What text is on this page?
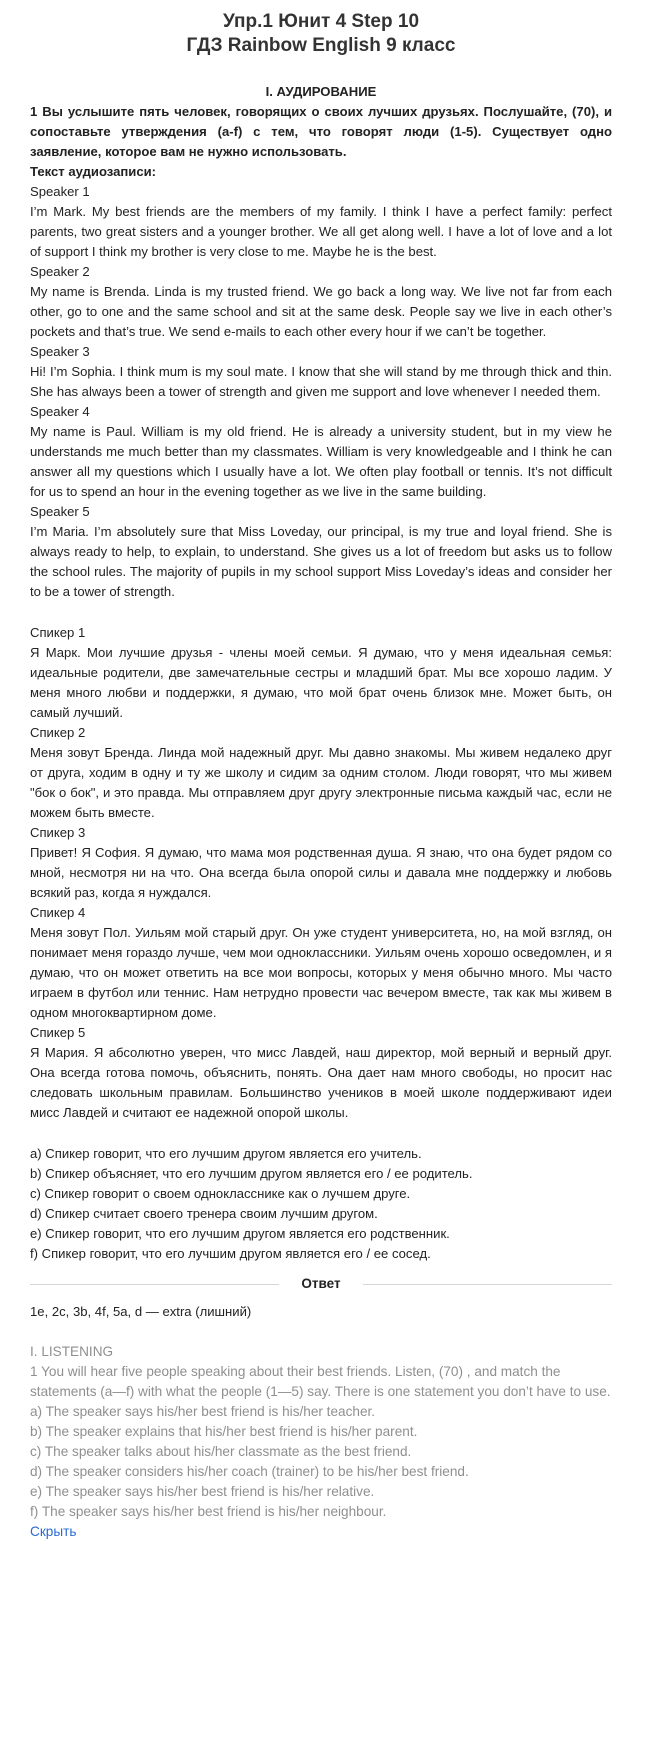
Упр.1 Юнит 4 Step 10
ГДЗ Rainbow English 9 класс
I. АУДИРОВАНИЕ
1 Вы услышите пять человек, говорящих о своих лучших друзьях. Послушайте, (70), и сопоставьте утверждения (a-f) с тем, что говорят люди (1-5). Существует одно заявление, которое вам не нужно использовать.
Текст аудиозаписи:
Speaker 1
I’m Mark. My best friends are the members of my family. I think I have a perfect family: perfect parents, two great sisters and a younger brother. We all get along well. I have a lot of love and a lot of support I think my brother is very close to me. Maybe he is the best.
Speaker 2
My name is Brenda. Linda is my trusted friend. We go back a long way. We live not far from each other, go to one and the same school and sit at the same desk. People say we live in each other’s pockets and that’s true. We send e-mails to each other every hour if we can’t be together.
Speaker 3
Hi! I’m Sophia. I think mum is my soul mate. I know that she will stand by me through thick and thin. She has always been a tower of strength and given me support and love whenever I needed them.
Speaker 4
My name is Paul. William is my old friend. He is already a university student, but in my view he understands me much better than my classmates. William is very knowledgeable and I think he can answer all my questions which I usually have a lot. We often play football or tennis. It’s not difficult for us to spend an hour in the evening together as we live in the same building.
Speaker 5
I’m Maria. I’m absolutely sure that Miss Loveday, our principal, is my true and loyal friend. She is always ready to help, to explain, to understand. She gives us a lot of freedom but asks us to follow the school rules. The majority of pupils in my school support Miss Loveday’s ideas and consider her to be a tower of strength.
Спикер 1
Я Марк. Мои лучшие друзья - члены моей семьи. Я думаю, что у меня идеальная семья: идеальные родители, две замечательные сестры и младший брат. Мы все хорошо ладим. У меня много любви и поддержки, я думаю, что мой брат очень близок мне. Может быть, он самый лучший.
Спикер 2
Меня зовут Бренда. Линда мой надежный друг. Мы давно знакомы. Мы живем недалеко друг от друга, ходим в одну и ту же школу и сидим за одним столом. Люди говорят, что мы живем "бок о бок", и это правда. Мы отправляем друг другу электронные письма каждый час, если не можем быть вместе.
Спикер 3
Привет! Я София. Я думаю, что мама моя родственная душа. Я знаю, что она будет рядом со мной, несмотря ни на что. Она всегда была опорой силы и давала мне поддержку и любовь всякий раз, когда я нуждался.
Спикер 4
Меня зовут Пол. Уильям мой старый друг. Он уже студент университета, но, на мой взгляд, он понимает меня гораздо лучше, чем мои одноклассники. Уильям очень хорошо осведомлен, и я думаю, что он может ответить на все мои вопросы, которых у меня обычно много. Мы часто играем в футбол или теннис. Нам нетрудно провести час вечером вместе, так как мы живем в одном многоквартирном доме.
Спикер 5
Я Мария. Я абсолютно уверен, что мисс Лавдей, наш директор, мой верный и верный друг. Она всегда готова помочь, объяснить, понять. Она дает нам много свободы, но просит нас следовать школьным правилам. Большинство учеников в моей школе поддерживают идеи мисс Лавдей и считают ее надежной опорой школы.
a) Спикер говорит, что его лучшим другом является его учитель.
b) Спикер объясняет, что его лучшим другом является его / ее родитель.
c) Спикер говорит о своем однокласснике как о лучшем друге.
d) Спикер считает своего тренера своим лучшим другом.
e) Спикер говорит, что его лучшим другом является его родственник.
f) Спикер говорит, что его лучшим другом является его / ее сосед.
Ответ
1e, 2c, 3b, 4f, 5a, d — extra (лишний)
I. LISTENING
1 You will hear five people speaking about their best friends. Listen, (70) , and match the statements (a—f) with what the people (1—5) say. There is one statement you don’t have to use.
a) The speaker says his/her best friend is his/her teacher.
b) The speaker explains that his/her best friend is his/her parent.
c) The speaker talks about his/her classmate as the best friend.
d) The speaker considers his/her coach (trainer) to be his/her best friend.
e) The speaker says his/her best friend is his/her relative.
f) The speaker says his/her best friend is his/her neighbour.
Скрыть
